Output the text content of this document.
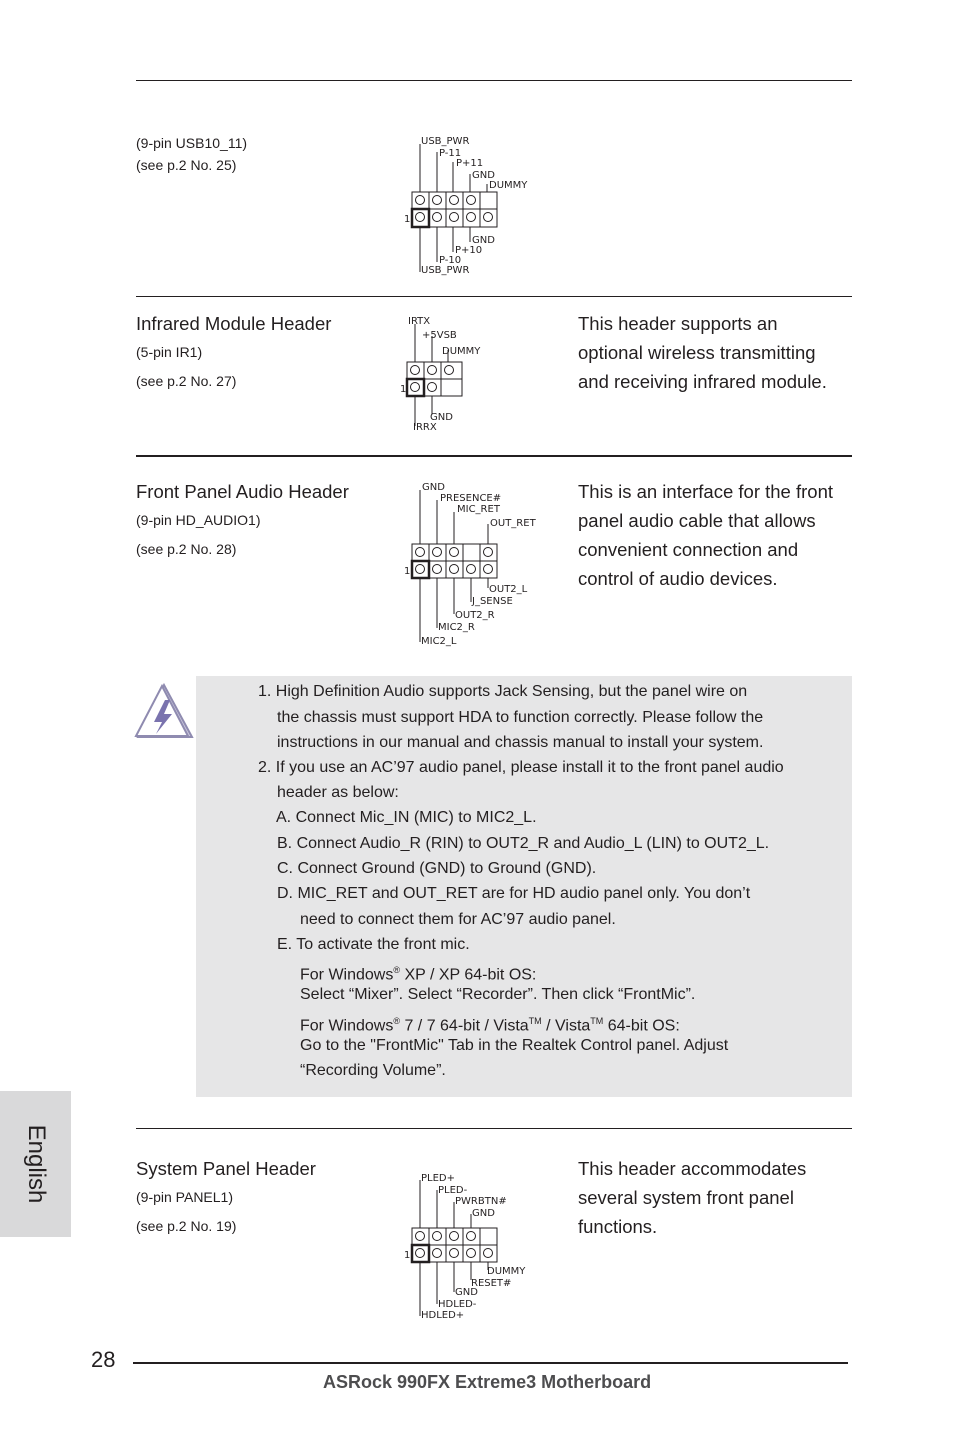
(9-pin USB10_11)
(see p.2 No. 25)
USB_PWR
P-11
P+11
GND
DUMMY
1
GND
P+10
P-10
USB_PWR
Infrared Module Header
(5-pin IR1)
(see p.2 No. 27)
IRTX
+5VSB
DUMMY
1
GND
IRRX
This header supports an
optional wireless transmitting
and receiving infrared module.
Front Panel Audio Header
(9-pin HD_AUDIO1)
(see p.2 No. 28)
GND
PRESENCE#
MIC_RET
OUT_RET
1
OUT2_L
J_SENSE
OUT2_R
MIC2_R
MIC2_L
This is an interface for the front
panel audio cable that allows
convenient connection and
control of audio devices.
1. High Definition Audio supports Jack Sensing, but the panel wire on
the chassis must support HDA to function correctly. Please follow the
instructions in our manual and chassis manual to install your system.
2. If you use an AC’97 audio panel, please install it to the front panel audio
header as below:
A. Connect Mic_IN (MIC) to MIC2_L.
B. Connect Audio_R (RIN) to OUT2_R and Audio_L (LIN) to OUT2_L.
C. Connect Ground (GND) to Ground (GND).
D. MIC_RET and OUT_RET are for HD audio panel only. You don’t
need to connect them for AC’97 audio panel.
E. To activate the front mic.
For Windows® XP / XP 64-bit OS:
Select “Mixer”. Select “Recorder”. Then click “FrontMic”.
For Windows® 7 / 7 64-bit / Vista™ / Vista™ 64-bit OS:
Go to the "FrontMic" Tab in the Realtek Control panel. Adjust
“Recording Volume”.
English	System Panel Header
(9-pin PANEL1)
(see p.2 No. 19)
PLED+
PLED-
PWRBTN#
GND
1
DUMMY
RESET#
GND
HDLED-
HDLED+
This header accommodates
several system front panel
functions.
28
ASRock 990FX Extreme3 Motherboard
